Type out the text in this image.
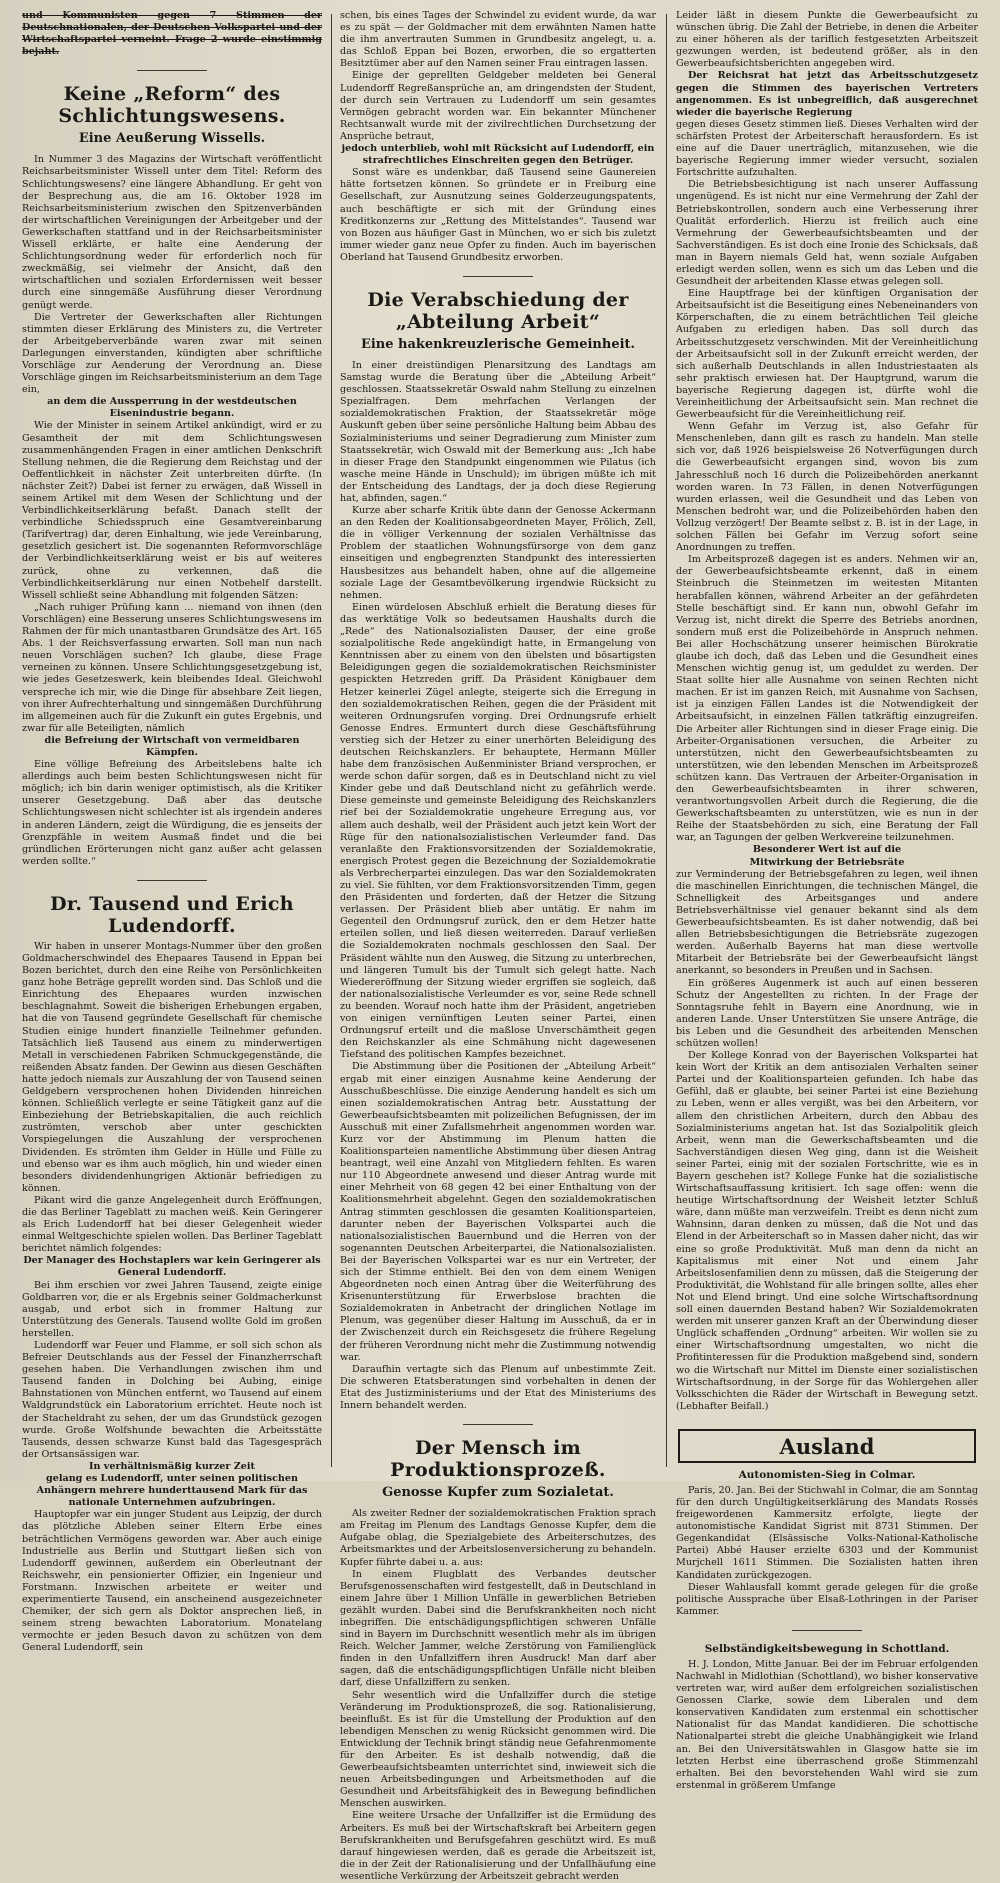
und Kommunisten gegen 7 Stimmen der Deutschnationalen, der Deutschen Volkspartei und der Wirtschaftspartei verneint. Frage 2 wurde einstimmig bejaht.

Keine „Reform“ des Schlichtungswesens.
Eine Aeußerung Wissells.

In Nummer 3 des Magazins der Wirtschaft veröffentlicht Reichsarbeitsminister Wissell unter dem Titel: Reform des Schlichtungswesens? eine längere Abhandlung. Er geht von der Besprechung aus, die am 16. Oktober 1928 im Reichsarbeitsministerium zwischen den Spitzenverbänden der wirtschaftlichen Vereinigungen der Arbeitgeber und der Gewerkschaften stattfand und in der Reichsarbeitsminister Wissell erklärte, er halte eine Aenderung der Schlichtungsordnung weder für erforderlich noch für zweckmäßig, sei vielmehr der Ansicht, daß den wirtschaftlichen und sozialen Erfordernissen weit besser durch eine sinngemäße Ausführung dieser Verordnung genügt werde.

Die Vertreter der Gewerkschaften aller Richtungen stimmten dieser Erklärung des Ministers zu, die Vertreter der Arbeitgeberverbände waren zwar mit seinen Darlegungen einverstanden, kündigten aber schriftliche Vorschläge zur Aenderung der Verordnung an. Diese Vorschläge gingen im Reichsarbeitsministerium an dem Tage ein,

an dem die Aussperrung in der westdeutschen Eisenindustrie begann.

Wie der Minister in seinem Artikel ankündigt, wird er zu Gesamtheit der mit dem Schlichtungswesen zusammenhängenden Fragen in einer amtlichen Denkschrift Stellung nehmen, die die Regierung dem Reichstag und der Oeffentlichkeit in nächster Zeit unterbreiten dürfte. (In nächster Zeit?) Dabei ist ferner zu erwägen, daß Wissell in seinem Artikel mit dem Wesen der Schlichtung und der Verbindlichkeitserklärung befaßt. Danach stellt der verbindliche Schiedsspruch eine Gesamtvereinbarung (Tarifvertrag) dar, deren Einhaltung, wie jede Vereinbarung, gesetzlich gesichert ist. Die sogenannten Reformvorschläge der Verbindlichkeitserklärung weist er bis auf weiteres zurück, ohne zu verkennen, daß die Verbindlichkeitserklärung nur einen Notbehelf darstellt. Wissell schließt seine Abhandlung mit folgenden Sätzen:

„Nach ruhiger Prüfung kann ... niemand von ihnen (den Vorschlägen) eine Besserung unseres Schlichtungswesens im Rahmen der für mich unantastbaren Grundsätze des Art. 165 Abs. 1 der Reichsverfassung erwarten. Soll man nun nach neuen Vorschlägen suchen? Ich glaube, diese Frage verneinen zu können. Unsere Schlichtungsgesetzgebung ist, wie jedes Gesetzeswerk, kein bleibendes Ideal. Gleichwohl verspreche ich mir, wie die Dinge für absehbare Zeit liegen, von ihrer Aufrechterhaltung und sinngemäßen Durchführung im allgemeinen auch für die Zukunft ein gutes Ergebnis, und zwar für alle Beteiligten, nämlich

die Befreiung der Wirtschaft von vermeidbaren Kämpfen.

Eine völlige Befreiung des Arbeitslebens halte ich allerdings auch beim besten Schlichtungswesen nicht für möglich; ich bin darin weniger optimistisch, als die Kritiker unserer Gesetzgebung. Daß aber das deutsche Schlichtungswesen nicht schlechter ist als irgendein anderes in anderen Ländern, zeigt die Würdigung, die es jenseits der Grenzpfähle in weitem Ausmaß findet und die bei gründlichen Erörterungen nicht ganz außer acht gelassen werden sollte.“

Dr. Tausend und Erich Ludendorff.

Wir haben in unserer Montags-Nummer über den großen Goldmacherschwindel des Ehepaares Tausend in Eppan bei Bozen berichtet, durch den eine Reihe von Persönlichkeiten ganz hohe Beträge geprellt worden sind. Das Schloß und die Einrichtung des Ehepaares wurden inzwischen beschlagnahmt. Soweit die bisherigen Erhebungen ergaben, hat die von Tausend gegründete Gesellschaft für chemische Studien einige hundert finanzielle Teilnehmer gefunden. Tatsächlich ließ Tausend aus einem zu minderwertigen Metall in verschiedenen Fabriken Schmuckgegenstände, die reißenden Absatz fanden. Der Gewinn aus diesen Geschäften hatte jedoch niemals zur Auszahlung der von Tausend seinen Geldgebern versprochenen hohen Dividenden hinreichen können. Schließlich verlegte er seine Tätigkeit ganz auf die Einbeziehung der Betriebskapitalien, die auch reichlich zuströmten, verschob aber unter geschickten Vorspiegelungen die Auszahlung der versprochenen Dividenden. Es strömten ihm Gelder in Hülle und Fülle zu und ebenso war es ihm auch möglich, hin und wieder einen besonders dividendenhungrigen Aktionär befriedigen zu können.

Pikant wird die ganze Angelegenheit durch Eröffnungen, die das Berliner Tageblatt zu machen weiß. Kein Geringerer als Erich Ludendorff hat bei dieser Gelegenheit wieder einmal Weltgeschichte spielen wollen. Das Berliner Tageblatt berichtet nämlich folgendes:

Der Manager des Hochstaplers war kein Geringerer als General Ludendorff.

Bei ihm erschien vor zwei Jahren Tausend, zeigte einige Goldbarren vor, die er als Ergebnis seiner Goldmacherkunst ausgab, und erbot sich in frommer Haltung zur Unterstützung des Generals. Tausend wollte Gold im großen herstellen.

Ludendorff war Feuer und Flamme, er soll sich schon als Befreier Deutschlands aus der Fessel der Finanzherrschaft gesehen haben. Die Verhandlungen zwischen ihm und Tausend fanden in Dolching bei Aubing, einige Bahnstationen von München entfernt, wo Tausend auf einem Waldgrundstück ein Laboratorium errichtet. Heute noch ist der Stacheldraht zu sehen, der um das Grundstück gezogen wurde. Große Wolfshunde bewachten die Arbeitsstätte Tausends, dessen schwarze Kunst bald das Tagesgespräch der Ortsansässigen war.

In verhältnismäßig kurzer Zeit

gelang es Ludendorff, unter seinen politischen Anhängern mehrere hunderttausend Mark für das nationale Unternehmen aufzubringen.

Hauptopfer war ein junger Student aus Leipzig, der durch das plötzliche Ableben seiner Eltern Erbe eines beträchtlichen Vermögens geworden war. Aber auch einige Industrielle aus Berlin und Stuttgart ließen sich von Ludendorff gewinnen, außerdem ein Oberleutnant der Reichswehr, ein pensionierter Offizier, ein Ingenieur und Forstmann. Inzwischen arbeitete er weiter und experimentierte Tausend, ein anscheinend ausgezeichneter Chemiker, der sich gern als Doktor ansprechen ließ, in seinem streng bewachten Laboratorium. Monatelang vermochte er jeden Besuch davon zu schützen von dem General Ludendorff, sein

schen, bis eines Tages der Schwindel zu evident wurde, da war es zu spät — der Goldmacher mit dem erwähnten Namen hatte die ihm anvertrauten Summen in Grundbesitz angelegt, u. a. das Schloß Eppan bei Bozen, erworben, die so ergatterten Besitztümer aber auf den Namen seiner Frau eintragen lassen.

Einige der geprellten Geldgeber meldeten bei General Ludendorff Regreßansprüche an, am dringendsten der Student, der durch sein Vertrauen zu Ludendorff um sein gesamtes Vermögen gebracht worden war. Ein bekannter Münchener Rechtsanwalt wurde mit der zivilrechtlichen Durchsetzung der Ansprüche betraut,

jedoch unterblieb, wohl mit Rücksicht auf Ludendorff, ein strafrechtliches Einschreiten gegen den Betrüger.

Sonst wäre es undenkbar, daß Tausend seine Gaunereien hätte fortsetzen können. So gründete er in Freiburg eine Gesellschaft, zur Ausnutzung seines Golderzeugungspatents, auch beschäftigte er sich mit der Gründung eines Kreditkonzerns zur „Rettung des Mittelstandes“. Tausend war von Bozen aus häufiger Gast in München, wo er sich bis zuletzt immer wieder ganz neue Opfer zu finden. Auch im bayerischen Oberland hat Tausend Grundbesitz erworben.

Die Verabschiedung der „Abteilung Arbeit“
Eine hakenkreuzlerische Gemeinheit.

In einer dreistündigen Plenarsitzung des Landtags am Samstag wurde die Beratung über die „Abteilung Arbeit“ geschlossen. Staatssekretär Oswald nahm Stellung zu einzelnen Spezialfragen. Dem mehrfachen Verlangen der sozialdemokratischen Fraktion, der Staatssekretär möge Auskunft geben über seine persönliche Haltung beim Abbau des Sozialministeriums und seiner Degradierung zum Minister zum Staatssekretär, wich Oswald mit der Bemerkung aus: „Ich habe in dieser Frage den Standpunkt eingenommen wie Pilatus (ich wasche meine Hände in Unschuld); im übrigen müßte ich mit der Entscheidung des Landtags, der ja doch diese Regierung hat, abfinden, sagen.“

Kurze aber scharfe Kritik übte dann der Genosse Ackermann an den Reden der Koalitionsabgeordneten Mayer, Frölich, Zell, die in völliger Verkennung der sozialen Verhältnisse das Problem der staatlichen Wohnungsfürsorge von dem ganz einseitigen und engbegrenzten Standpunkt des interessierten Hausbesitzes aus behandelt haben, ohne auf die allgemeine soziale Lage der Gesamtbevölkerung irgendwie Rücksicht zu nehmen.

Einen würdelosen Abschluß erhielt die Beratung dieses für das werktätige Volk so bedeutsamen Haushalts durch die „Rede“ des Nationalsozialisten Dauser, der eine große sozialpolitische Rede angekündigt hatte, in Ermangelung von Kenntnissen aber zu einem von den übelsten und bösartigsten Beleidigungen gegen die sozialdemokratischen Reichsminister gespickten Hetzreden griff. Da Präsident Königbauer dem Hetzer keinerlei Zügel anlegte, steigerte sich die Erregung in den sozialdemokratischen Reihen, gegen die der Präsident mit weiteren Ordnungsrufen vorging. Drei Ordnungsrufe erhielt Genosse Endres. Ermuntert durch diese Geschäftsführung verstieg sich der Hetzer zu einer unerhörten Beleidigung des deutschen Reichskanzlers. Er behauptete, Hermann Müller habe dem französischen Außenminister Briand versprochen, er werde schon dafür sorgen, daß es in Deutschland nicht zu viel Kinder gebe und daß Deutschland nicht zu gefährlich werde. Diese gemeinste und gemeinste Beleidigung des Reichskanzlers rief bei der Sozialdemokratie ungeheure Erregung aus, vor allem auch deshalb, weil der Präsident auch jetzt kein Wort der Rüge für den nationalsozialistischen Verleumder fand. Das veranlaßte den Fraktionsvorsitzenden der Sozialdemokratie, energisch Protest gegen die Bezeichnung der Sozialdemokratie als Verbrecherpartei einzulegen. Das war den Sozialdemokraten zu viel. Sie fühlten, vor dem Fraktionsvorsitzenden Timm, gegen den Präsidenten und forderten, daß der Hetzer die Sitzung verlassen. Der Präsident blieb aber untätig. Er nahm im Gegenteil den Ordnungsruf zurück, den er dem Hetzer hatte erteilen sollen, und ließ diesen weiterreden. Darauf verließen die Sozialdemokraten nochmals geschlossen den Saal. Der Präsident wählte nun den Ausweg, die Sitzung zu unterbrechen, und längeren Tumult bis der Tumult sich gelegt hatte. Nach Wiedereröffnung der Sitzung wieder ergriffen sie sogleich, daß der nationalsozialistische Verleumder es vor, seine Rede schnell zu beenden. Worauf noch hatte ihm der Präsident, angetrieben von einigen vernünftigen Leuten seiner Partei, einen Ordnungsruf erteilt und die maßlose Unverschämtheit gegen den Reichskanzler als eine Schmähung nicht dagewesenen Tiefstand des politischen Kampfes bezeichnet.

Die Abstimmung über die Positionen der „Abteilung Arbeit“ ergab mit einer einzigen Ausnahme keine Aenderung der Ausschußbeschlüsse. Die einzige Aenderung handelt es sich um einen sozialdemokratischen Antrag betr. Ausstattung der Gewerbeaufsichtsbeamten mit polizeilichen Befugnissen, der im Ausschuß mit einer Zufallsmehrheit angenommen worden war. Kurz vor der Abstimmung im Plenum hatten die Koalitionsparteien namentliche Abstimmung über diesen Antrag beantragt, weil eine Anzahl von Mitgliedern fehlten. Es waren nur 110 Abgeordnete anwesend und dieser Antrag wurde mit einer Mehrheit von 68 gegen 42 bei einer Enthaltung von der Koalitionsmehrheit abgelehnt. Gegen den sozialdemokratischen Antrag stimmten geschlossen die gesamten Koalitionsparteien, darunter neben der Bayerischen Volkspartei auch die nationalsozialistischen Bauernbund und die Herren von der sogenannten Deutschen Arbeiterpartei, die Nationalsozialisten. Bei der Bayerischen Volkspartei war es nur ein Vertreter, der sich der Stimme enthielt. Bei den von dem einem Wenigen Abgeordneten noch einen Antrag über die Weiterführung des Krisenunterstützung für Erwerbslose brachten die Sozialdemokraten in Anbetracht der dringlichen Notlage im Plenum, was gegenüber dieser Haltung im Ausschuß, da er in der Zwischenzeit durch ein Reichsgesetz die frühere Regelung der früheren Verordnung nicht mehr die Zustimmung notwendig war.

Daraufhin vertagte sich das Plenum auf unbestimmte Zeit. Die schweren Etatsberatungen sind vorbehalten in denen der Etat des Justizministeriums und der Etat des Ministeriums des Innern behandelt werden.

Der Mensch im Produktionsprozeß.
Genosse Kupfer zum Sozialetat.

Als zweiter Redner der sozialdemokratischen Fraktion sprach am Freitag im Plenum des Landtags Genosse Kupfer, dem die Aufgabe oblag, die Spezialgebiete des Arbeiterschutzes, des Arbeitsmarktes und der Arbeitslosenversicherung zu behandeln. Kupfer führte dabei u. a. aus:

In einem Flugblatt des Verbandes deutscher Berufsgenossenschaften wird festgestellt, daß in Deutschland in einem Jahre über 1 Million Unfälle in gewerblichen Betrieben gezählt wurden. Dabei sind die Berufskrankheiten noch nicht inbegriffen. Die entschädigungspflichtigen schweren Unfälle sind in Bayern im Durchschnitt wesentlich mehr als im übrigen Reich. Welcher Jammer, welche Zerstörung von Familienglück finden in den Unfallziffern ihren Ausdruck! Man darf aber sagen, daß die entschädigungspflichtigen Unfälle nicht bleiben darf, diese Unfallziffern zu senken.

Sehr wesentlich wird die Unfallziffer durch die stetige Veränderung im Produktionsprozeß, die sog. Rationalisierung, beeinflußt. Es ist für die Umstellung der Produktion auf den lebendigen Menschen zu wenig Rücksicht genommen wird. Die Entwicklung der Technik bringt ständig neue Gefahrenmomente für den Arbeiter. Es ist deshalb notwendig, daß die Gewerbeaufsichtsbeamten unterrichtet sind, inwieweit sich die neuen Arbeitsbedingungen und Arbeitsmethoden auf die Gesundheit und Arbeitsfähigkeit des in Bewegung befindlichen Menschen auswirken.

Eine weitere Ursache der Unfallziffer ist die Ermüdung des Arbeiters. Es muß bei der Wirtschaftskraft bei Arbeitern gegen Berufskrankheiten und Berufsgefahren geschützt wird. Es muß darauf hingewiesen werden, daß es gerade die Arbeitszeit ist, die in der Zeit der Rationalisierung und der Unfallhäufung eine wesentliche Verkürzung der Arbeitszeit gebracht werden

Leider läßt in diesem Punkte die Gewerbeaufsicht zu wünschen übrig. Die Zahl der Betriebe, in denen die Arbeiter zu einer höheren als der tariflich festgesetzten Arbeitszeit gezwungen werden, ist bedeutend größer, als in den Gewerbeaufsichtsberichten angegeben wird.

Der Reichsrat hat jetzt das Arbeitsschutzgesetz gegen die Stimmen des bayerischen Vertreters angenommen. Es ist unbegreiflich, daß ausgerechnet wieder die bayerische Regierung

gegen dieses Gesetz stimmen ließ. Dieses Verhalten wird der schärfsten Protest der Arbeiterschaft herausfordern. Es ist eine auf die Dauer unerträglich, mitanzusehen, wie die bayerische Regierung immer wieder versucht, sozialen Fortschritte aufzuhalten.

Die Betriebsbesichtigung ist nach unserer Auffassung ungenügend. Es ist nicht nur eine Vermehrung der Zahl der Betriebskontrollen, sondern auch eine Verbesserung ihrer Qualität erforderlich. Hierzu ist freilich auch eine Vermehrung der Gewerbeaufsichtsbeamten und der Sachverständigen. Es ist doch eine Ironie des Schicksals, daß man in Bayern niemals Geld hat, wenn soziale Aufgaben erledigt werden sollen, wenn es sich um das Leben und die Gesundheit der arbeitenden Klasse etwas gelegen soll.

Eine Hauptfrage bei der künftigen Organisation der Arbeitsaufsicht ist die Beseitigung eines Nebeneinanders von Körperschaften, die zu einem beträchtlichen Teil gleiche Aufgaben zu erledigen haben. Das soll durch das Arbeitsschutzgesetz verschwinden. Mit der Vereinheitlichung der Arbeitsaufsicht soll in der Zukunft erreicht werden, der sich außerhalb Deutschlands in allen Industriestaaten als sehr praktisch erwiesen hat. Der Hauptgrund, warum die bayerische Regierung dagegen ist, dürfte wohl die Vereinheitlichung der Arbeitsaufsicht sein. Man rechnet die Gewerbeaufsicht für die Vereinheitlichung reif.

Wenn Gefahr im Verzug ist, also Gefahr für Menschenleben, dann gilt es rasch zu handeln. Man stelle sich vor, daß 1926 beispielsweise 26 Notverfügungen durch die Gewerbeaufsicht ergangen sind, wovon bis zum Jahresschluß noch 16 durch die Polizeibehörden anerkannt worden waren. In 73 Fällen, in denen Notverfügungen wurden erlassen, weil die Gesundheit und das Leben von Menschen bedroht war, und die Polizeibehörden haben den Vollzug verzögert! Der Beamte selbst z. B. ist in der Lage, in solchen Fällen bei Gefahr im Verzug sofort seine Anordnungen zu treffen.

Im Arbeitsprozeß dagegen ist es anders. Nehmen wir an, der Gewerbeaufsichtsbeamte erkennt, daß in einem Steinbruch die Steinmetzen im weitesten Mitanten herabfallen können, während Arbeiter an der gefährdeten Stelle beschäftigt sind. Er kann nun, obwohl Gefahr im Verzug ist, nicht direkt die Sperre des Betriebs anordnen, sondern muß erst die Polizeibehörde in Anspruch nehmen. Bei aller Hochschätzung unserer heimischen Bürokratie glaube ich doch, daß das Leben und die Gesundheit eines Menschen wichtig genug ist, um geduldet zu werden. Der Staat sollte hier alle Ausnahme von seinen Rechten nicht machen. Er ist im ganzen Reich, mit Ausnahme von Sachsen, ist ja einzigen Fällen Landes ist die Notwendigkeit der Arbeitsaufsicht, in einzelnen Fällen tatkräftig einzugreifen. Die Arbeiter aller Richtungen sind in dieser Frage einig. Die Arbeiter-Organisationen versuchen, die Arbeiter zu unterstützen, nicht den Gewerbeaufsichtsbeamten zu unterstützen, wie den lebenden Menschen im Arbeitsprozeß schützen kann. Das Vertrauen der Arbeiter-Organisation in den Gewerbeaufsichtsbeamten in ihrer schweren, verantwortungsvollen Arbeit durch die Regierung, die die Gewerkschaftsbeamten zu unterstützen, wie es nun in der Reihe der Staatsbehörden zu sich, eine Beratung der Fall war, an Tagungen der gelben Werkvereine teilzunehmen.

Besonderer Wert ist auf die

Mitwirkung der Betriebsräte

zur Verminderung der Betriebsgefahren zu legen, weil ihnen die maschinellen Einrichtungen, die technischen Mängel, die Schnelligkeit des Arbeitsganges und andere Betriebsverhältnisse viel genauer bekannt sind als dem Gewerbeaufsichtsbeamten. Es ist daher notwendig, daß bei allen Betriebsbesichtigungen die Betriebsräte zugezogen werden. Außerhalb Bayerns hat man diese wertvolle Mitarbeit der Betriebsräte bei der Gewerbeaufsicht längst anerkannt, so besonders in Preußen und in Sachsen.

Ein größeres Augenmerk ist auch auf einen besseren Schutz der Angestellten zu richten. In der Frage der Sonntagsruhe fehlt in Bayern eine Anordnung, wie in anderen Lande. Unser Unterstützen Sie unsere Anträge, die bis Leben und die Gesundheit des arbeitenden Menschen schützen wollen!

Der Kollege Konrad von der Bayerischen Volkspartei hat kein Wort der Kritik an dem antisozialen Verhalten seiner Partei und der Koalitionsparteien gefunden. Ich habe das Gefühl, daß er glaubte, bei seiner Partei ist eine Beziehung zu Leben, wenn er alles vergißt, was bei den Arbeitern, vor allem den christlichen Arbeitern, durch den Abbau des Sozialministeriums angetan hat. Ist das Sozialpolitik gleich Arbeit, wenn man die Gewerkschaftsbeamten und die Sachverständigen diesen Weg ging, dann ist die Weisheit seiner Partei, einig mit der sozialen Fortschritte, wie es in Bayern geschehen ist? Kollege Funke hat die sozialistische Wirtschaftsauffassung kritisiert. Ich sage offen: wenn die heutige Wirtschaftsordnung der Weisheit letzter Schluß wäre, dann müßte man verzweifeln. Treibt es denn nicht zum Wahnsinn, daran denken zu müssen, daß die Not und das Elend in der Arbeiterschaft so in Massen daher nicht, das wir eine so große Produktivität. Muß man denn da nicht an Kapitalismus mit einer Not und einem Jahr Arbeitslosenfamilien denn zu müssen, daß die Steigerung der Produktivität, die Wohlstand für alle bringen sollte, alles eher Not und Elend bringt. Und eine solche Wirtschaftsordnung soll einen dauernden Bestand haben? Wir Sozialdemokraten werden mit unserer ganzen Kraft an der Überwindung dieser Unglück schaffenden „Ordnung“ arbeiten. Wir wollen sie zu einer Wirtschaftsordnung umgestalten, wo nicht die Profitinteressen für die Produktion maßgebend sind, sondern wo die Wirtschaft nur Mittel im Dienste einer sozialistischen Wirtschaftsordnung, in der Sorge für das Wohlergehen aller Volksschichten die Räder der Wirtschaft in Bewegung setzt. (Lebhafter Beifall.)

Ausland
Autonomisten-Sieg in Colmar.

Paris, 20. Jan. Bei der Stichwahl in Colmar, die am Sonntag für den durch Ungültigkeitserklärung des Mandats Rossés freigewordenen Kammersitz erfolgte, liegte der autonomistische Kandidat Sigrist mit 8731 Stimmen. Der Gegenkandidat (Elsässische Volks-National-Katholische Partei) Abbé Hauser erzielte 6303 und der Kommunist Murjchell 1611 Stimmen. Die Sozialisten hatten ihren Kandidaten zurückgezogen.

Dieser Wahlausfall kommt gerade gelegen für die große politische Aussprache über Elsaß-Lothringen in der Pariser Kammer.

Selbständigkeitsbewegung in Schottland.

H. J. London, Mitte Januar. Bei der im Februar erfolgenden Nachwahl in Midlothian (Schottland), wo bisher konservative vertreten war, wird außer dem erfolgreichen sozialistischen Genossen Clarke, sowie dem Liberalen und dem konservativen Kandidaten zum erstenmal ein schottischer Nationalist für das Mandat kandidieren. Die schottische Nationalpartei strebt die gleiche Unabhängigkeit wie Irland an. Bei den Universitätswahlen in Glasgow hatte sie im letzten Herbst eine überraschend große Stimmenzahl erhalten. Bei den bevorstehenden Wahl wird sie zum erstenmal in größerem Umfange
